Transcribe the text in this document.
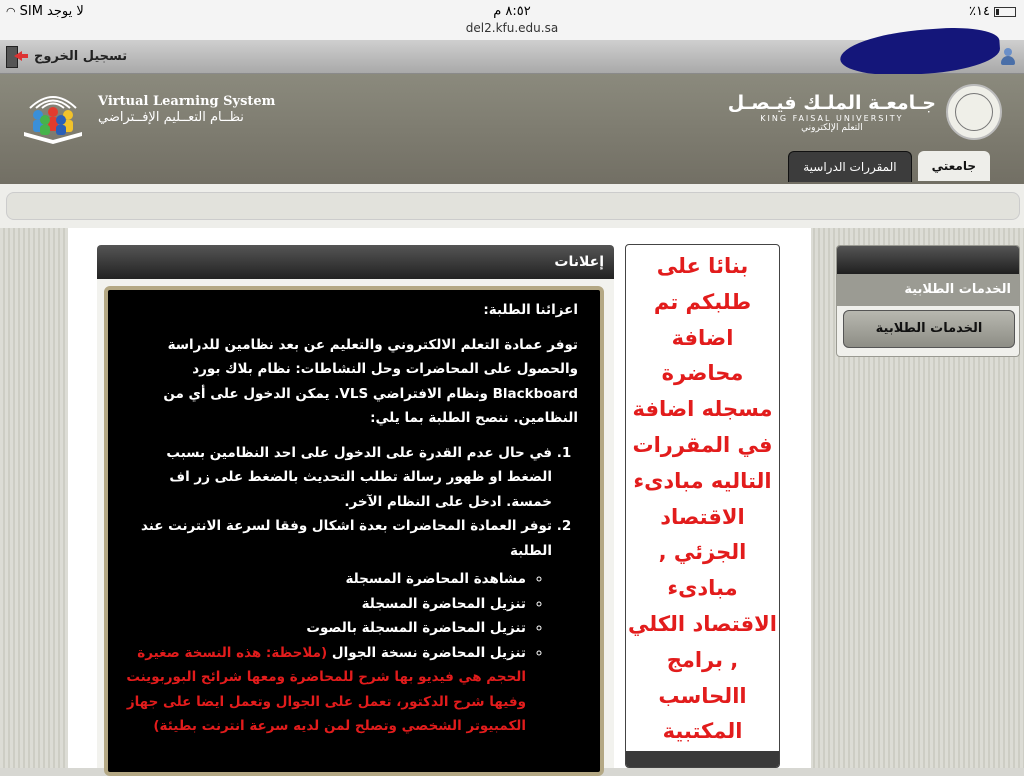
لا يوجد SIM
◠	٨:٥٢ م
del2.kfu.edu.sa
٪١٤
تسجيل الخروج
Virtual Learning System
نظــام التعــليم الإفــتراضي
جـامعـة الملـك فيـصـل
KING FAISAL UNIVERSITY
التعلم الإلكتروني
جامعتي
المقررات الدراسية
إعلانات

اعزائنا الطلبة:

توفر عمادة التعلم الالكتروني والتعليم عن بعد نظامين للدراسة والحصول على المحاضرات وحل النشاطات: نظام بلاك بورد Blackboard ونظام الافتراضي VLS. يمكن الدخول على أي من النظامين. ننصح الطلبة بما يلي:

1. في حال عدم القدرة على الدخول على احد النظامين بسبب الضغط او ظهور رسالة تطلب التحديث بالضغط على زر اف خمسة. ادخل على النظام الآخر.
2. توفر العمادة المحاضرات بعدة اشكال وفقا لسرعة الانترنت عند الطلبة
◦ مشاهدة المحاضرة المسجلة
◦ تنزيل المحاضرة المسجلة
◦ تنزيل المحاضرة المسجلة بالصوت
◦ تنزيل المحاضرة نسخة الجوال (ملاحظة: هذه النسخة صغيرة الحجم هي فيديو بها شرح للمحاضرة ومعها شرائح البوربوينت وفيها شرح الدكتور، تعمل على الجوال وتعمل ايضا على جهاز الكمبيوتر الشخصي وتصلح لمن لديه سرعة انترنت بطيئة)
بنائا على طلبكم تم اضافة محاضرة مسجله اضافة في المقررات التاليه مبادىء الاقتصاد الجزئي , مبادىء الاقتصاد الكلي , برامج االحاسب المكتبية
الخدمات الطلابية
الخدمات الطلابية
